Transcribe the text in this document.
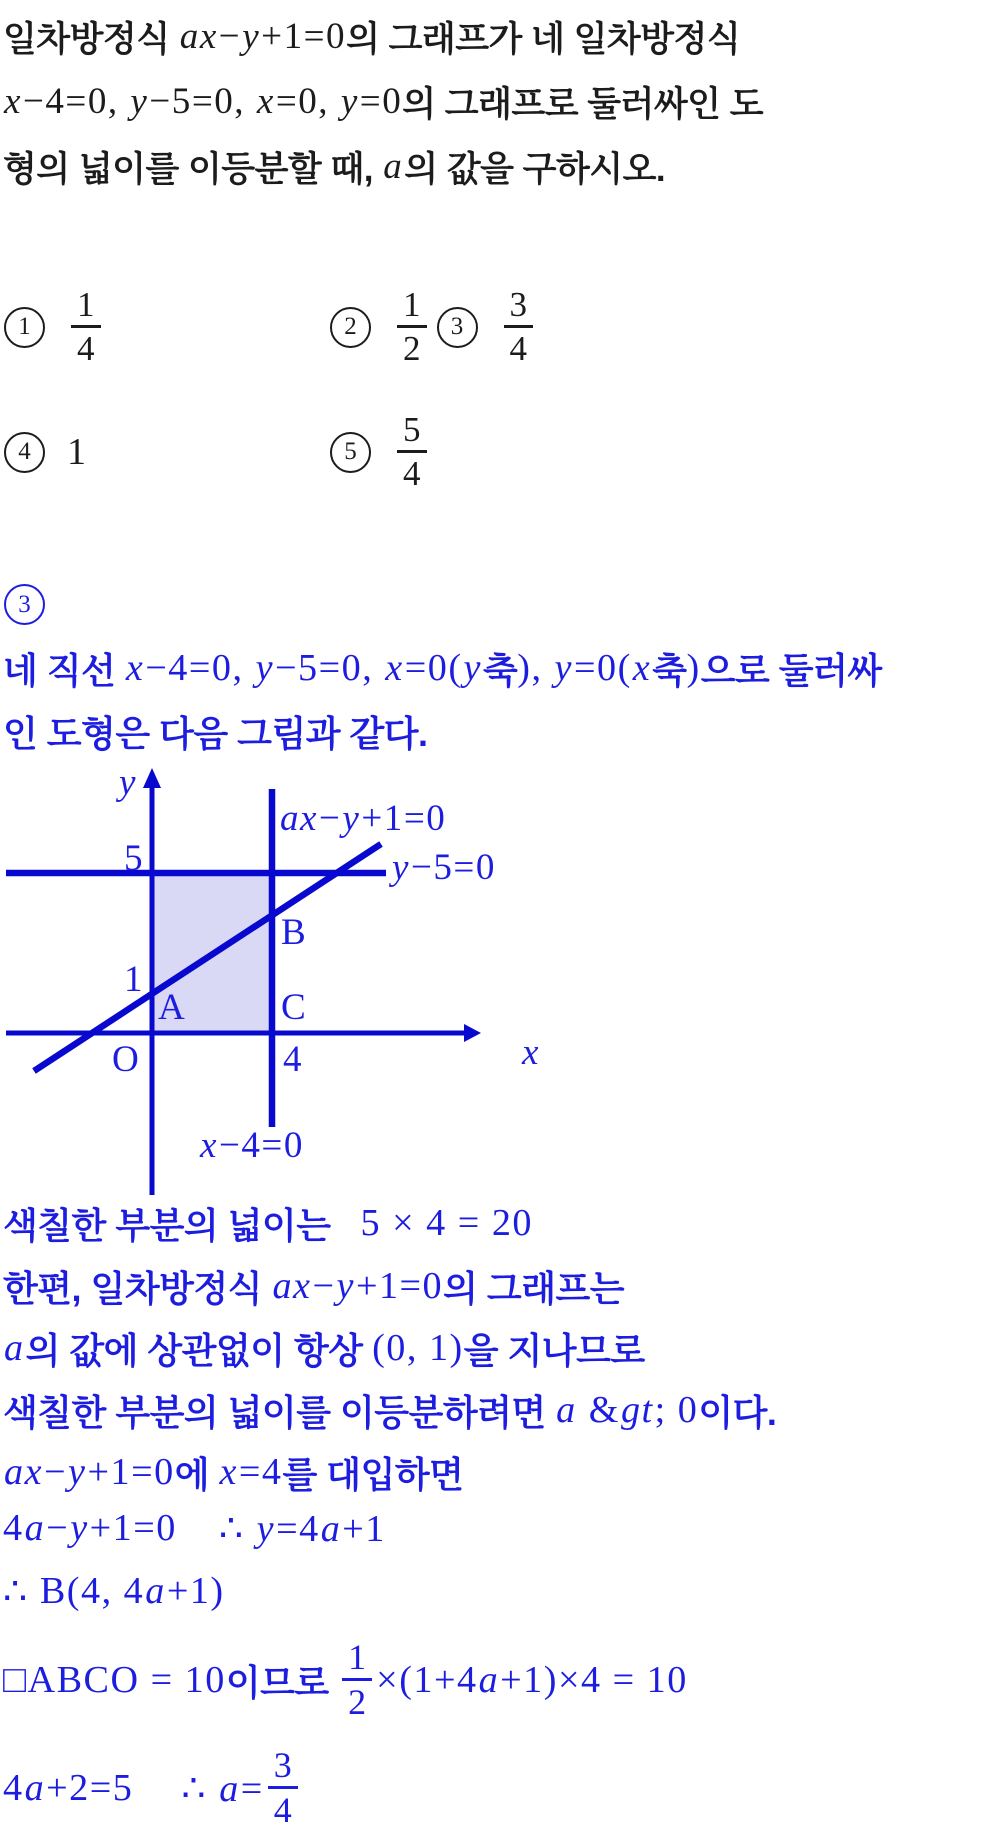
일차방정식 ax−y+1=0 의 그래프가 네 일차방정식
x−4=0, y−5=0, x=0, y=0 의 그래프로 둘러싸인 도
형의 넓이를 이등분할 때, a 의 값을 구하시오.
1	$\frac{1}{4}$	2	$\frac{1}{2} 3$	$\frac{3}{4}$
4 1	5	$\frac{5}{4}$
3
네 직선 x−4=0, y−5=0, x=0(y 축 ), y=0(x 축 ) 으로 둘러싸
인 도형은 다음 그림과 같다.
y
5
1
A
B
C
O	4	x
ax−y+1=0
y−5=0
x−4=0
색칠한 부분의 넓이는 5 × 4 = 20
한편, 일차방정식 ax−y+1=0 의 그래프는
a 의 값에 상관없이 항상 (0, 1) 을 지나므로
색칠한 부분의 넓이를 이등분하려면 a &gt; 0 이다.
ax−y+1=0 에 x=4 를 대입하면
4a−y+1=0 ∴ y=4a+1
∴ B (4, 4a+1)
□ABCO = 10 이므로 $\frac{1}{2} \times(1+4a+1)\times 4 = 10$
4a+2=5 ∴ $a= \frac{3}{4}$
